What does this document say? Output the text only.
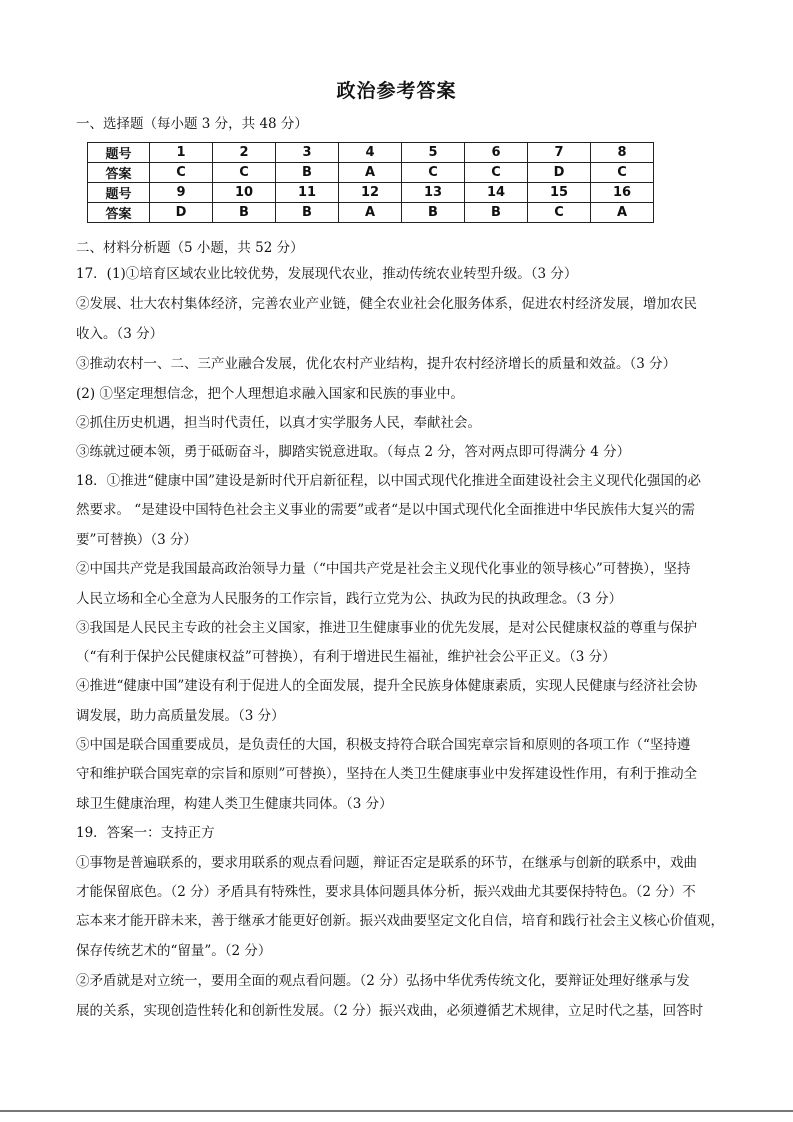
政治参考答案
一、选择题（每小题 3 分，共 48 分）
题号	1	2	3	4	5	6	7	8
答案	C	C	B	A	C	C	D	C
题号	9	10	11	12	13	14	15	16
答案	D	B	B	A	B	B	C	A
二、材料分析题（5 小题，共 52 分）
17．(1)①培育区域农业比较优势，发展现代农业，推动传统农业转型升级。（3 分）
②发展、壮大农村集体经济，完善农业产业链，健全农业社会化服务体系，促进农村经济发展，增加农民
收入。（3 分）
③推动农村一、二、三产业融合发展，优化农村产业结构，提升农村经济增长的质量和效益。（3 分）
(2) ①坚定理想信念，把个人理想追求融入国家和民族的事业中。
②抓住历史机遇，担当时代责任，以真才实学服务人民，奉献社会。
③练就过硬本领，勇于砥砺奋斗，脚踏实锐意进取。（每点 2 分，答对两点即可得满分 4 分）
18．①推进“健康中国”建设是新时代开启新征程，以中国式现代化推进全面建设社会主义现代化强国的必
然要求。 “是建设中国特色社会主义事业的需要”或者“是以中国式现代化全面推进中华民族伟大复兴的需
要”可替换）（3 分）
②中国共产党是我国最高政治领导力量（“中国共产党是社会主义现代化事业的领导核心”可替换），坚持
人民立场和全心全意为人民服务的工作宗旨，践行立党为公、执政为民的执政理念。（3 分）
③我国是人民民主专政的社会主义国家，推进卫生健康事业的优先发展，是对公民健康权益的尊重与保护
（“有利于保护公民健康权益”可替换），有利于增进民生福祉，维护社会公平正义。（3 分）
④推进“健康中国”建设有利于促进人的全面发展，提升全民族身体健康素质，实现人民健康与经济社会协
调发展，助力高质量发展。（3 分）
⑤中国是联合国重要成员，是负责任的大国，积极支持符合联合国宪章宗旨和原则的各项工作（“坚持遵
守和维护联合国宪章的宗旨和原则”可替换），坚持在人类卫生健康事业中发挥建设性作用，有利于推动全
球卫生健康治理，构建人类卫生健康共同体。（3 分）
19．答案一：支持正方
①事物是普遍联系的，要求用联系的观点看问题，辩证否定是联系的环节，在继承与创新的联系中，戏曲
才能保留底色。（2 分）矛盾具有特殊性，要求具体问题具体分析，振兴戏曲尤其要保持特色。（2 分）不
忘本来才能开辟未来，善于继承才能更好创新。振兴戏曲要坚定文化自信，培育和践行社会主义核心价值观，
保存传统艺术的“留量”。（2 分）
②矛盾就是对立统一，要用全面的观点看问题。（2 分）弘扬中华优秀传统文化，要辩证处理好继承与发
展的关系，实现创造性转化和创新性发展。（2 分）振兴戏曲，必须遵循艺术规律，立足时代之基，回答时
